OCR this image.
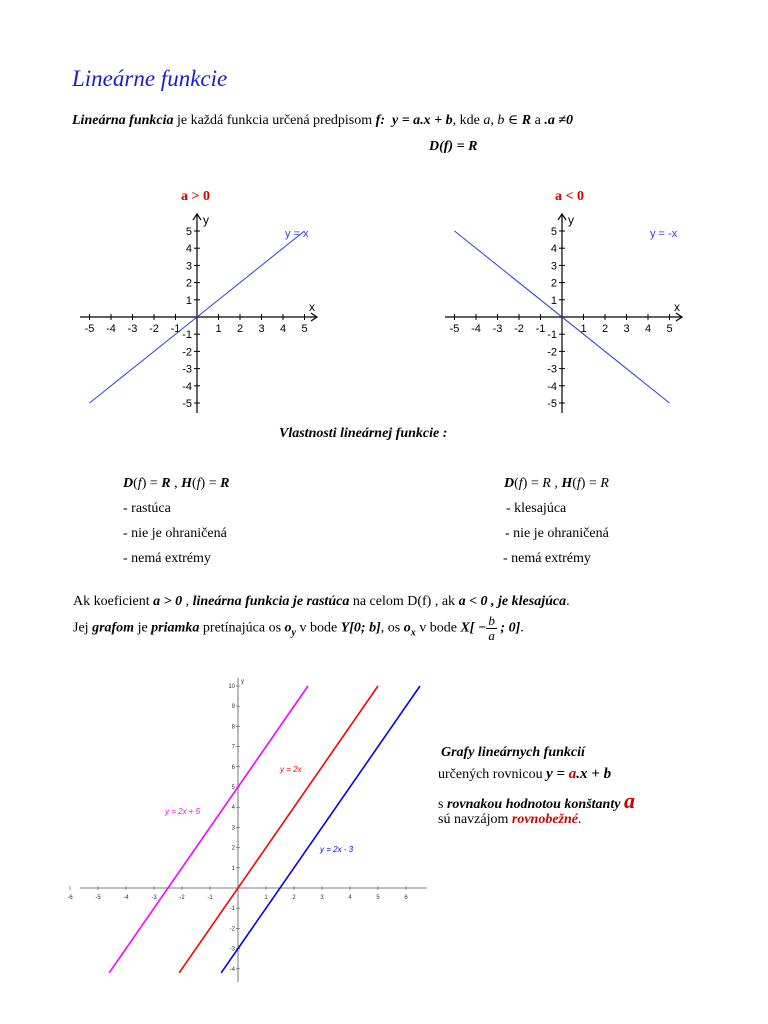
Lineárne funkcie
Lineárna funkcia je každá funkcia určená predpisom f: y = a.x + b, kde a, b ∈ R a .a ≠0
D(f) = R
a > 0	a < 0
x
y
-5 -4 -3 -2 -1	1 2 3 4 5
5
4
3
2
1
-1
-2
-3
-4
-5
y = x
x
y
-5 -4 -3 -2 -1	1 2 3 4 5
5
4
3
2
1
-1
-2
-3
-4
-5
y = -x
Vlastnosti lineárnej funkcie :
D(f) = R , H(f) = R
- rastúca
- nie je ohraničená
- nemá extrémy
D(f) = R , H(f) = R
- klesajúca
- nie je ohraničená
- nemá extrémy
Ak koeficient a > 0 , lineárna funkcia je rastúca na celom D(f) , ak a < 0 , je klesajúca.
Jej grafom je priamka pretínajúca os $o_y$ v bode Y[0; b], os $o_x$ v bode $X[ - \frac{b}{a}$ ; 0].
y
-6	-5	-4	-3	-2	-1	1	2	3	4	5	6
10
9
8
7
6
5
4
3
2
1
-1
-2
-3
-4
y = 2x + 5
y = 2x
y = 2x - 3
Grafy lineárnych funkcií
určených rovnicou y = a.x + b
s rovnakou hodnotou konštanty a
sú navzájom rovnobežné.
